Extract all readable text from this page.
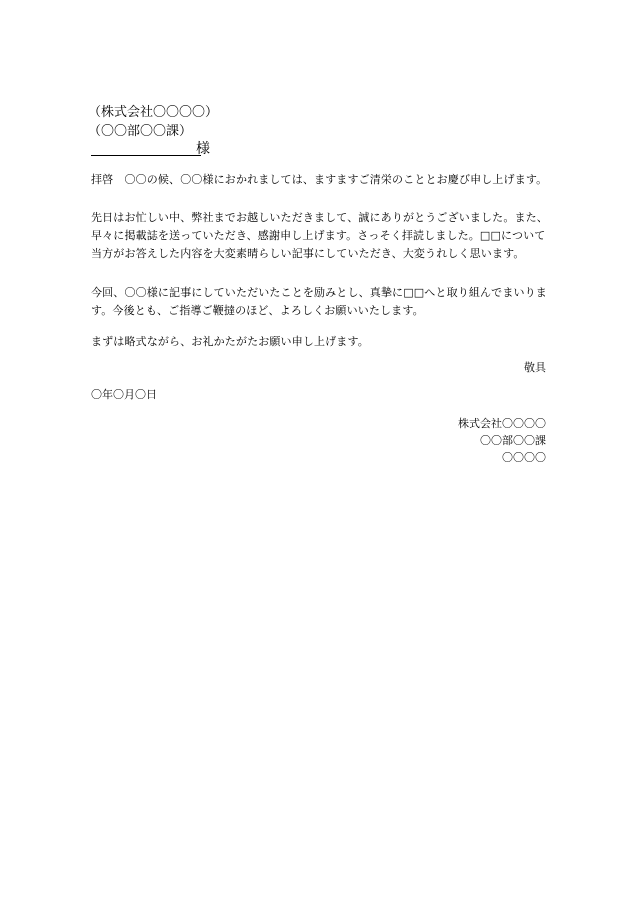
（株式会社〇〇〇〇）
（〇〇部〇〇課）
様
拝啓　〇〇の候、〇〇様におかれましては、ますますご清栄のこととお慶び申し上げます。
先日はお忙しい中、弊社までお越しいただきまして、誠にありがとうございました。また、早々に掲載誌を送っていただき、感謝申し上げます。さっそく拝読しました。□□について当方がお答えした内容を大変素晴らしい記事にしていただき、大変うれしく思います。
今回、〇〇様に記事にしていただいたことを励みとし、真摯に□□へと取り組んでまいります。今後とも、ご指導ご鞭撻のほど、よろしくお願いいたします。
まずは略式ながら、お礼かたがたお願い申し上げます。
敬具
〇年〇月〇日
株式会社〇〇〇〇
〇〇部〇〇課
〇〇〇〇
